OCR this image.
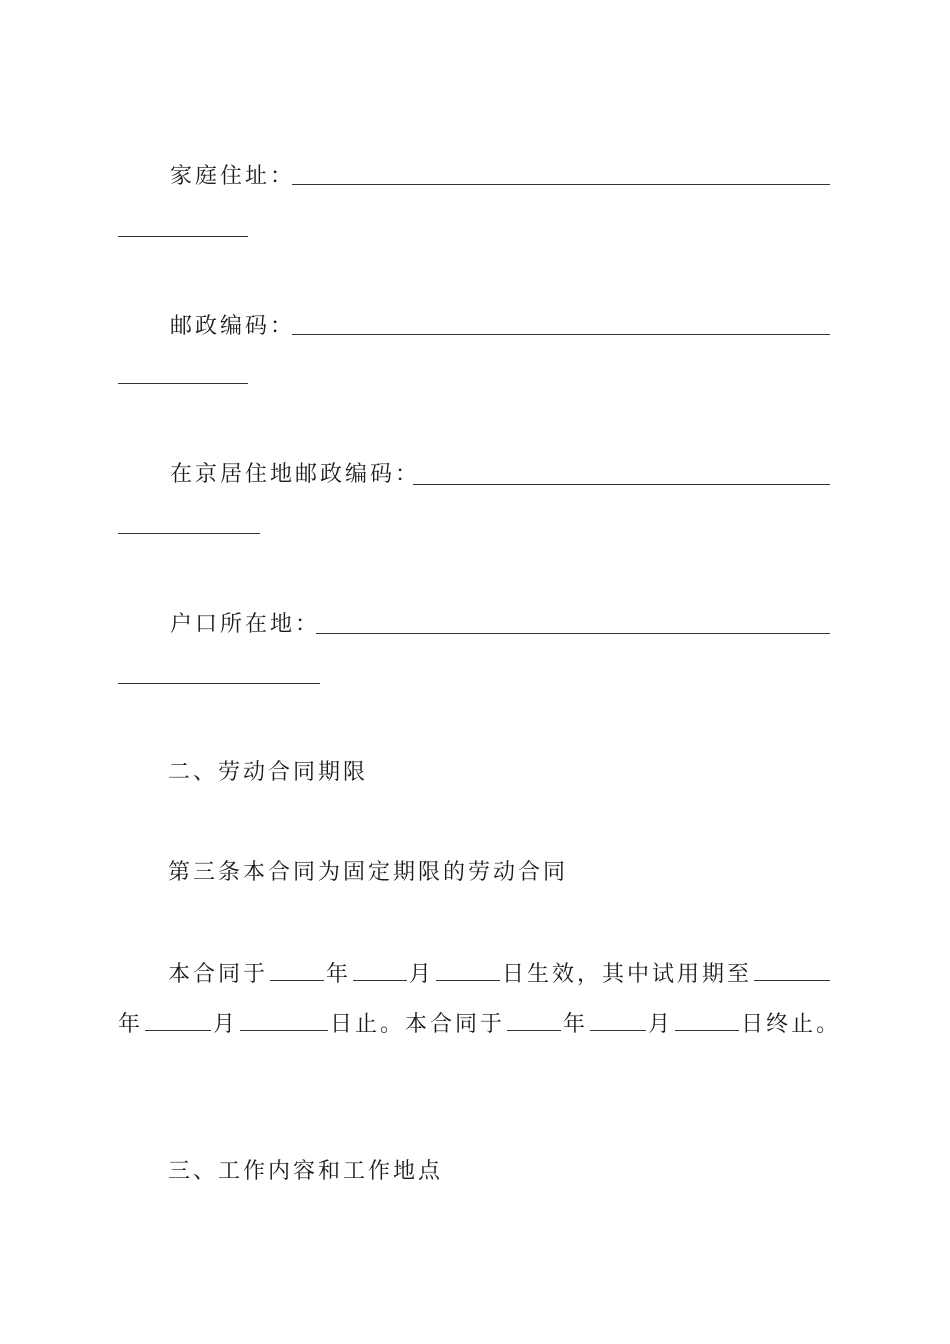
家庭住址：
邮政编码：
在京居住地邮政编码：
户口所在地：
二、劳动合同期限
第三条本合同为固定期限的劳动合同
本合同于	年	月	日生效，其中试用期至
年	月	日止。本合同于	年	月	日终止。
三、工作内容和工作地点
